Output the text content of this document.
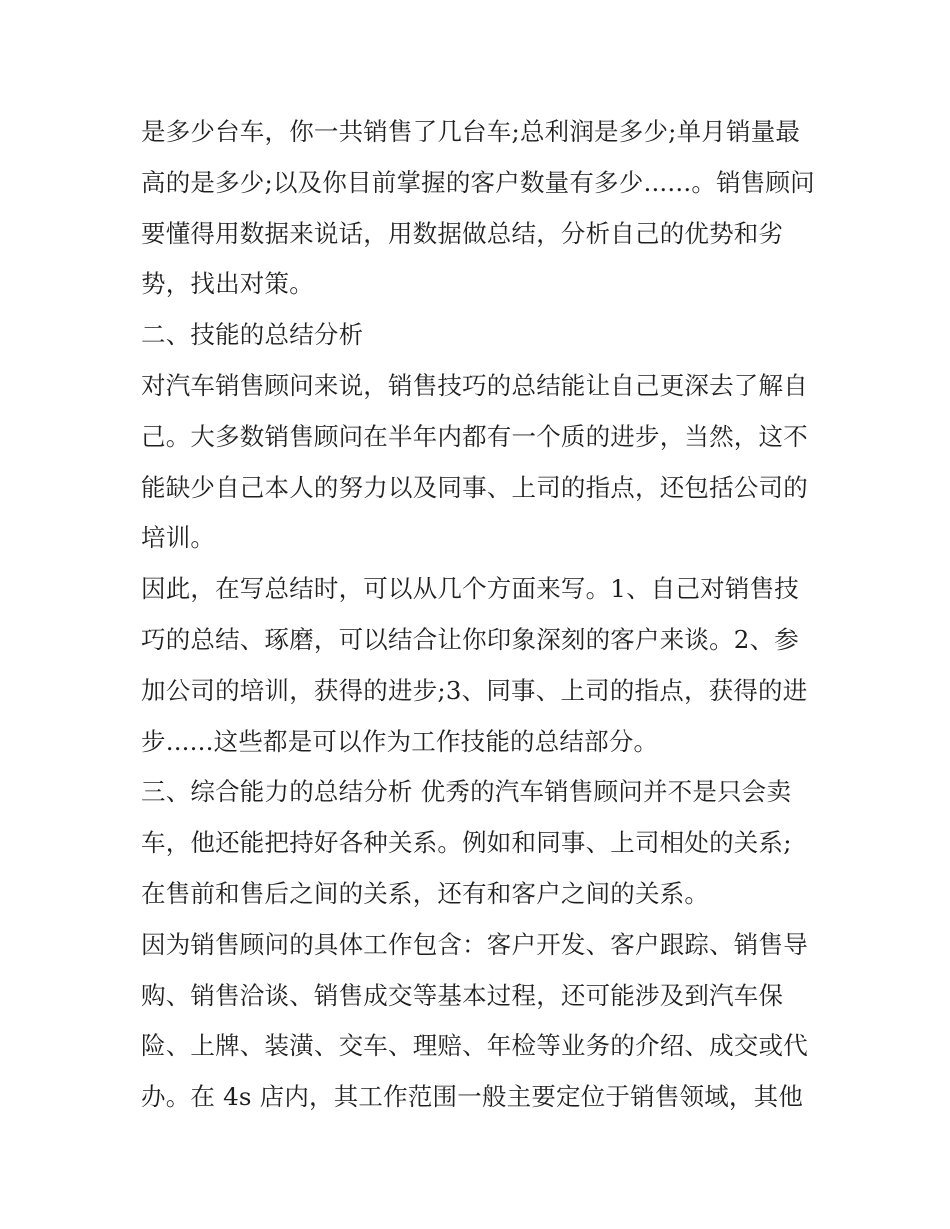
是多少台车，你一共销售了几台车;总利润是多少;单月销量最
高的是多少;以及你目前掌握的客户数量有多少......。销售顾问
要懂得用数据来说话，用数据做总结，分析自己的优势和劣
势，找出对策。
二、技能的总结分析
对汽车销售顾问来说，销售技巧的总结能让自己更深去了解自
己。大多数销售顾问在半年内都有一个质的进步，当然，这不
能缺少自己本人的努力以及同事、上司的指点，还包括公司的
培训。
因此，在写总结时，可以从几个方面来写。1、自己对销售技
巧的总结、琢磨，可以结合让你印象深刻的客户来谈。2、参
加公司的培训，获得的进步;3、同事、上司的指点，获得的进
步......这些都是可以作为工作技能的总结部分。
三、综合能力的总结分析 优秀的汽车销售顾问并不是只会卖
车，他还能把持好各种关系。例如和同事、上司相处的关系;
在售前和售后之间的关系，还有和客户之间的关系。
因为销售顾问的具体工作包含：客户开发、客户跟踪、销售导
购、销售洽谈、销售成交等基本过程，还可能涉及到汽车保
险、上牌、装潢、交车、理赔、年检等业务的介绍、成交或代
办。在 4s 店内，其工作范围一般主要定位于销售领域，其他
